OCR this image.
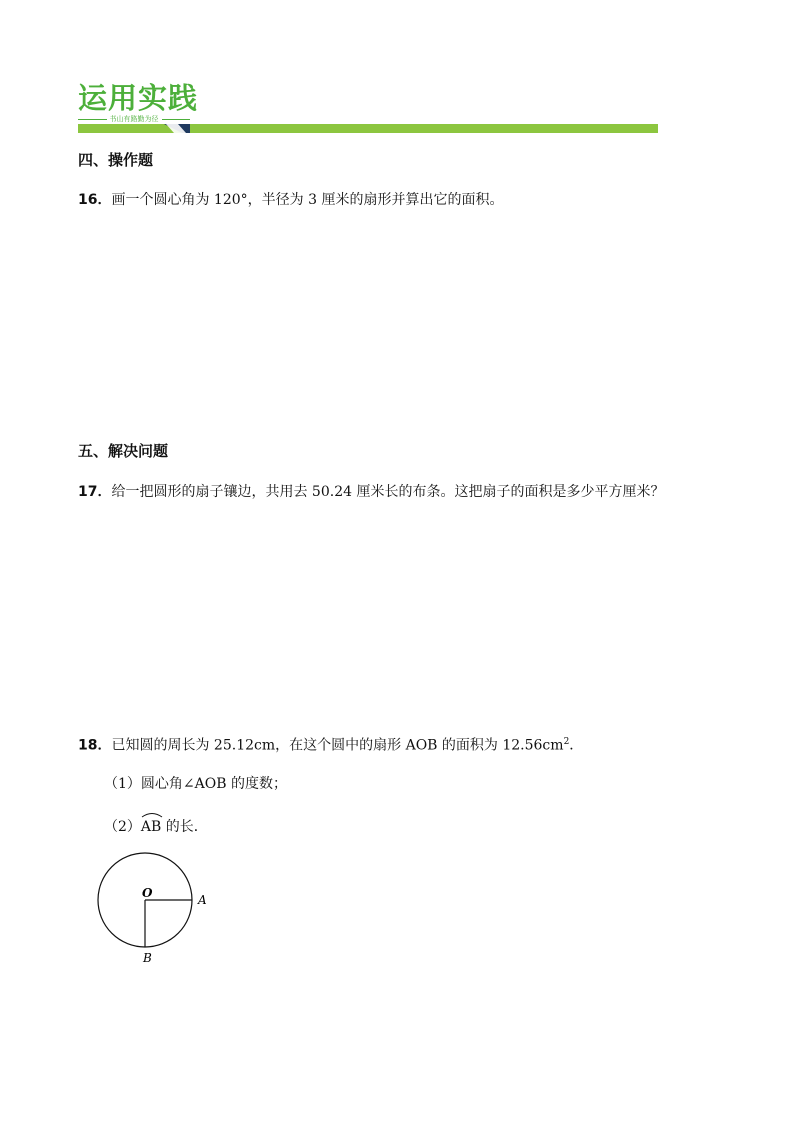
运用实践
书山有路勤为径
四、操作题
16．画一个圆心角为 120°，半径为 3 厘米的扇形并算出它的面积。
五、解决问题
17．给一把圆形的扇子镶边，共用去 50.24 厘米长的布条。这把扇子的面积是多少平方厘米？
18．已知圆的周长为 25.12cm，在这个圆中的扇形 AOB 的面积为 $12.56cm^2$．
（1）圆心角∠AOB 的度数；
（2）
AB 的长．
O	A
B
